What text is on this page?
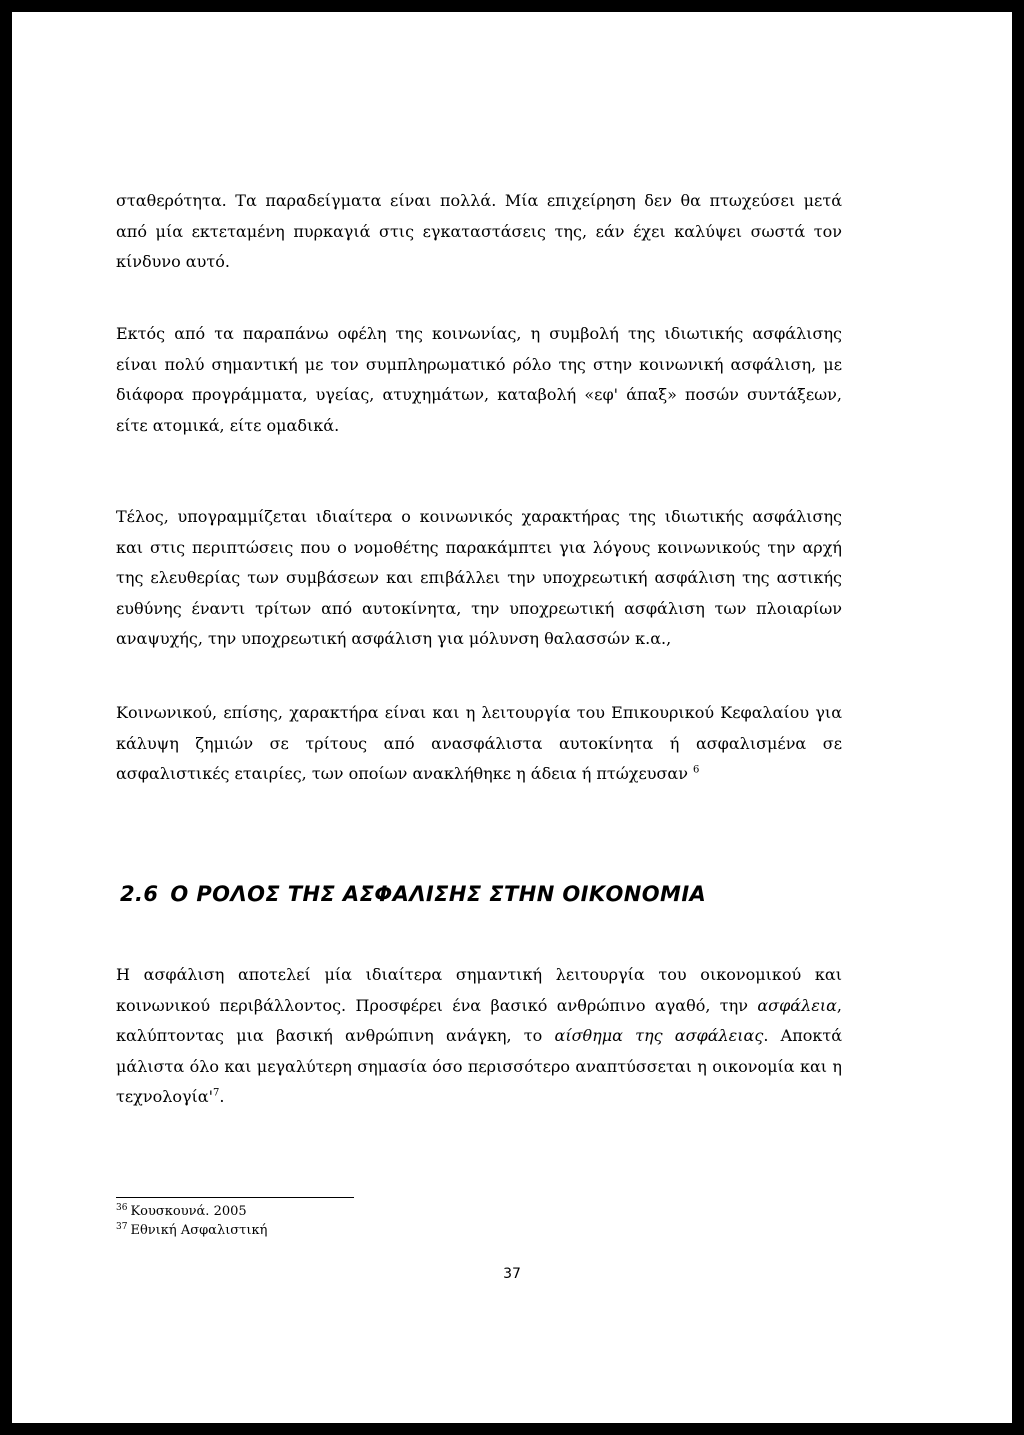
σταθερότητα. Τα παραδείγματα είναι πολλά. Μία επιχείρηση δεν θα πτωχεύσει μετά από μία εκτεταμένη πυρκαγιά στις εγκαταστάσεις της, εάν έχει καλύψει σωστά τον κίνδυνο αυτό.

Εκτός από τα παραπάνω οφέλη της κοινωνίας, η συμβολή της ιδιωτικής ασφάλισης είναι πολύ σημαντική με τον συμπληρωματικό ρόλο της στην κοινωνική ασφάλιση, με διάφορα προγράμματα, υγείας, ατυχημάτων, καταβολή «εφ' άπαξ» ποσών συντάξεων, είτε ατομικά, είτε ομαδικά.

Τέλος, υπογραμμίζεται ιδιαίτερα ο κοινωνικός χαρακτήρας της ιδιωτικής ασφάλισης και στις περιπτώσεις που ο νομοθέτης παρακάμπτει για λόγους κοινωνικούς την αρχή της ελευθερίας των συμβάσεων και επιβάλλει την υποχρεωτική ασφάλιση της αστικής ευθύνης έναντι τρίτων από αυτοκίνητα, την υποχρεωτική ασφάλιση των πλοιαρίων αναψυχής, την υποχρεωτική ασφάλιση για μόλυνση θαλασσών κ.α.,

Κοινωνικού, επίσης, χαρακτήρα είναι και η λειτουργία του Επικουρικού Κεφαλαίου για κάλυψη ζημιών σε τρίτους από ανασφάλιστα αυτοκίνητα ή ασφαλισμένα σε ασφαλιστικές εταιρίες, των οποίων ανακλήθηκε η άδεια ή πτώχευσαν $^6$

2.6 Ο ΡΟΛΟΣ ΤΗΣ ΑΣΦΑΛΙΣΗΣ ΣΤΗΝ ΟΙΚΟΝΟΜΙΑ

Η ασφάλιση αποτελεί μία ιδιαίτερα σημαντική λειτουργία του οικονομικού και κοινωνικού περιβάλλοντος. Προσφέρει ένα βασικό ανθρώπινο αγαθό, την ασφάλεια, καλύπτοντας μια βασική ανθρώπινη ανάγκη, το αίσθημα της ασφάλειας. Αποκτά μάλιστα όλο και μεγαλύτερη σημασία όσο περισσότερο αναπτύσσεται η οικονομία και η $\tau\varepsilon\chi\nu o\lambda o\gamma ί\alpha'^7$.

$^{36}$ Κουσκουνά. 2005
$^{37}$ Εθνική Ασφαλιστική
37
